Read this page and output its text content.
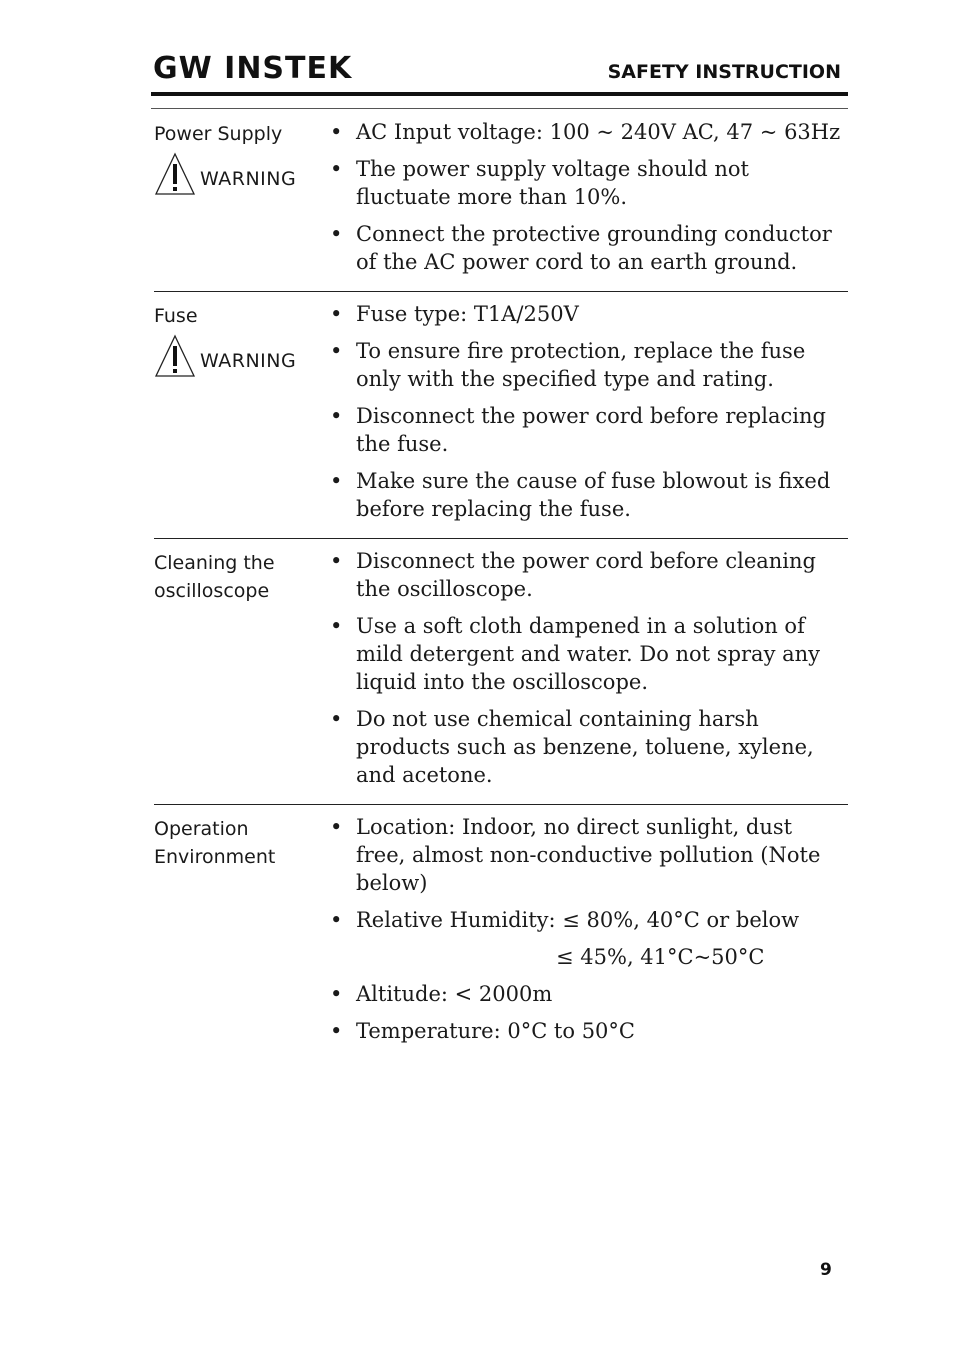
GW INSTEK	SAFETY INSTRUCTION
Power Supply
WARNING
• AC Input voltage: 100 ~ 240V AC, 47 ~ 63Hz
• The power supply voltage should not fluctuate more than 10%.
• Connect the protective grounding conductor of the AC power cord to an earth ground.
Fuse
WARNING
• Fuse type: T1A/250V
• To ensure fire protection, replace the fuse only with the specified type and rating.
• Disconnect the power cord before replacing the fuse.
• Make sure the cause of fuse blowout is fixed before replacing the fuse.
Cleaning the oscilloscope
• Disconnect the power cord before cleaning the oscilloscope.
• Use a soft cloth dampened in a solution of mild detergent and water. Do not spray any liquid into the oscilloscope.
• Do not use chemical containing harsh products such as benzene, toluene, xylene, and acetone.
Operation Environment
• Location: Indoor, no direct sunlight, dust free, almost non-conductive pollution (Note below)
• Relative Humidity: ≤ 80%, 40°C or below
≤ 45%, 41°C~50°C
• Altitude: < 2000m
• Temperature: 0°C to 50°C
9
